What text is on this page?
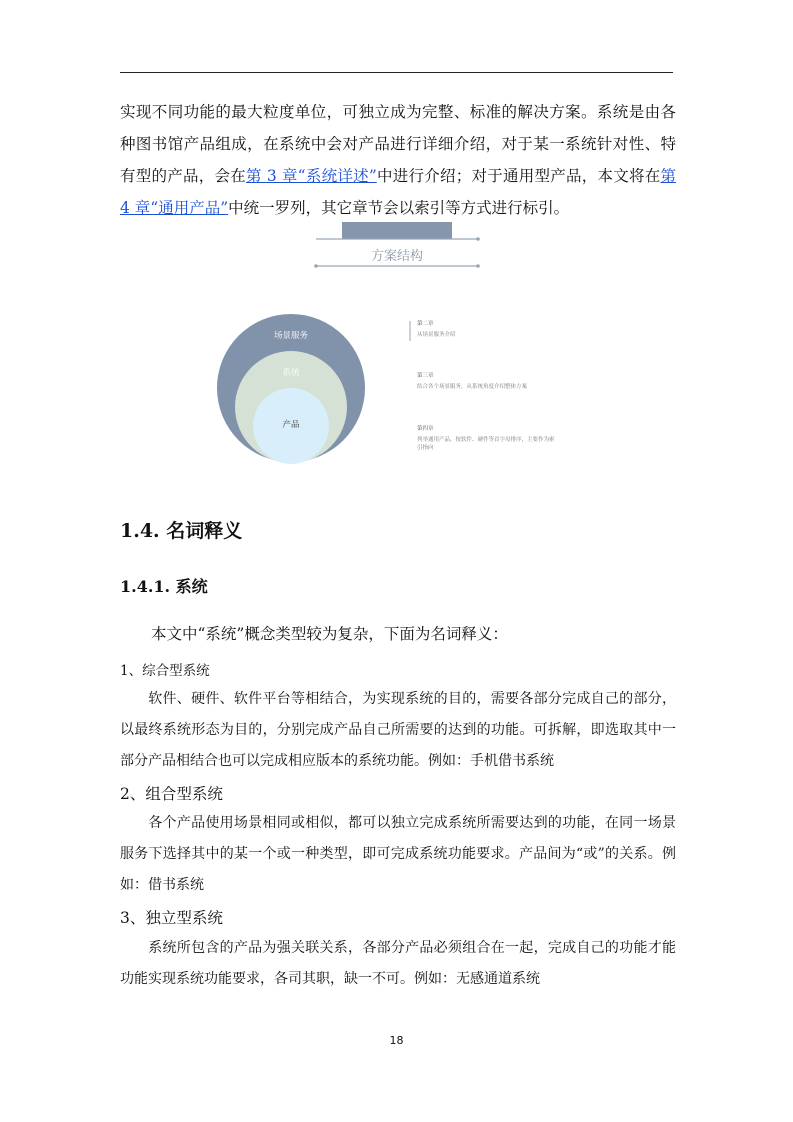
实现不同功能的最大粒度单位，可独立成为完整、标准的解决方案。系统是由各种图书馆产品组成，在系统中会对产品进行详细介绍，对于某一系统针对性、特有型的产品，会在第 3 章“系统详述”中进行介绍；对于通用型产品，本文将在第 4 章“通用产品”中统一罗列，其它章节会以索引等方式进行标引。

方案结构
场景服务
系统
产品
第二章
从场景服务介绍
第三章
结合各个场景服务，从系统角度介绍整体方案
第四章
列举通用产品，按软件、硬件等首字母排序，主要作为索
引指向
1.4. 名词释义
1.4.1. 系统

本文中“系统”概念类型较为复杂，下面为名词释义：

1、综合型系统

软件、硬件、软件平台等相结合，为实现系统的目的，需要各部分完成自己的部分，以最终系统形态为目的，分别完成产品自己所需要的达到的功能。可拆解，即选取其中一部分产品相结合也可以完成相应版本的系统功能。例如：手机借书系统

2、组合型系统

各个产品使用场景相同或相似，都可以独立完成系统所需要达到的功能，在同一场景服务下选择其中的某一个或一种类型，即可完成系统功能要求。产品间为“或”的关系。例如：借书系统

3、独立型系统

系统所包含的产品为强关联关系，各部分产品必须组合在一起，完成自己的功能才能功能实现系统功能要求，各司其职，缺一不可。例如：无感通道系统

18
